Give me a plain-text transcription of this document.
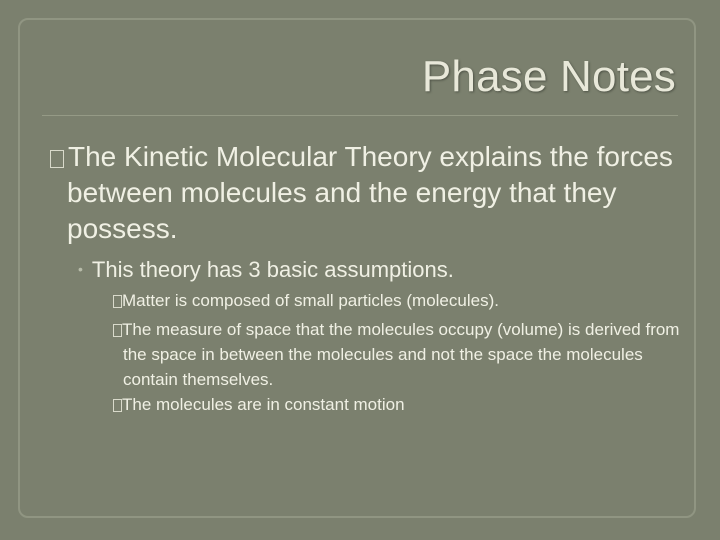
Phase Notes

The Kinetic Molecular Theory explains the forces between molecules and the energy that they possess.

• This theory has 3 basic assumptions.

Matter is composed of small particles (molecules).

The measure of space that the molecules occupy (volume) is derived from the space in between the molecules and not the space the molecules contain themselves.

The molecules are in constant motion
